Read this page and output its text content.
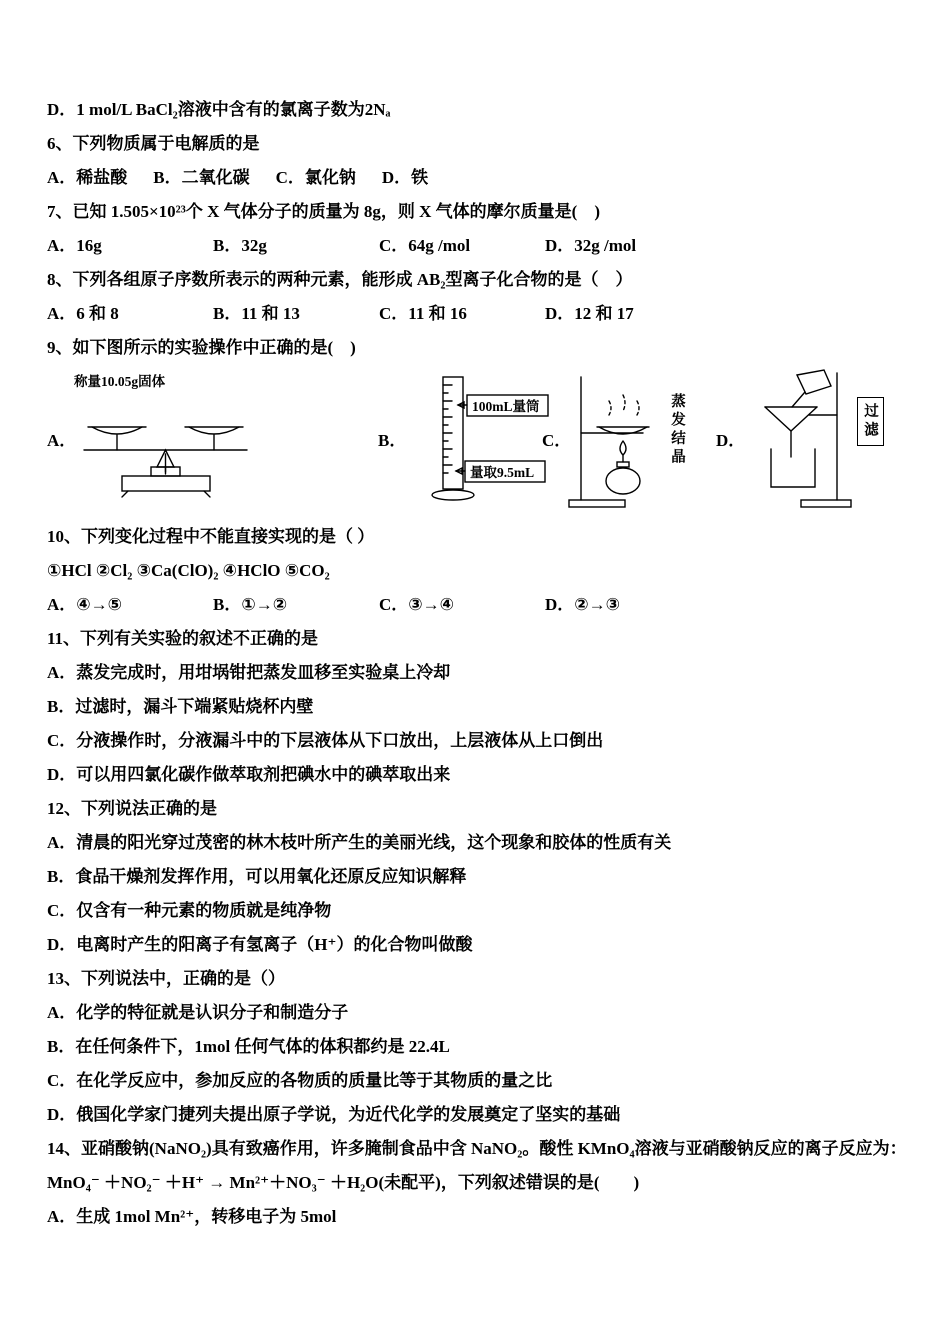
D．1 mol/L BaCl₂溶液中含有的氯离子数为2Nₐ
6、下列物质属于电解质的是
A．稀盐酸 B．二氧化碳 C．氯化钠 D．铁
7、已知 1.505×10²³个 X 气体分子的质量为 8g，则 X 气体的摩尔质量是(　)
A．16g	B．32g	C．64g /mol	D．32g /mol
8、下列各组原子序数所表示的两种元素，能形成 AB₂型离子化合物的是（　）
A．6 和 8	B．11 和 13	C．11 和 16	D．12 和 17
9、如下图所示的实验操作中正确的是(　)
A．
称量10.05g固体
B．
100mL量筒
量取9.5mL
C．	蒸发结晶 D．
过滤
10、下列变化过程中不能直接实现的是（ ）
①HCl ②Cl₂ ③Ca(ClO)₂ ④HClO ⑤CO₂
A．④→⑤	B．①→②	C．③→④	D．②→③
11、下列有关实验的叙述不正确的是
A．蒸发完成时，用坩埚钳把蒸发皿移至实验桌上冷却
B．过滤时，漏斗下端紧贴烧杯内壁
C．分液操作时，分液漏斗中的下层液体从下口放出，上层液体从上口倒出
D．可以用四氯化碳作做萃取剂把碘水中的碘萃取出来
12、下列说法正确的是
A．清晨的阳光穿过茂密的林木枝叶所产生的美丽光线，这个现象和胶体的性质有关
B．食品干燥剂发挥作用，可以用氧化还原反应知识解释
C．仅含有一种元素的物质就是纯净物
D．电离时产生的阳离子有氢离子（H⁺）的化合物叫做酸
13、下列说法中，正确的是（）
A．化学的特征就是认识分子和制造分子
B．在任何条件下，1mol 任何气体的体积都约是 22.4L
C．在化学反应中，参加反应的各物质的质量比等于其物质的量之比
D．俄国化学家门捷列夫提出原子学说，为近代化学的发展奠定了坚实的基础
14、亚硝酸钠(NaNO₂)具有致癌作用，许多腌制食品中含 NaNO₂。酸性 KMnO₄溶液与亚硝酸钠反应的离子反应为：
MnO₄⁻ ＋NO₂⁻ ＋H⁺ → Mn²⁺＋NO₃⁻ ＋H₂O(未配平)，下列叙述错误的是(　　)
A．生成 1mol Mn²⁺，转移电子为 5mol
